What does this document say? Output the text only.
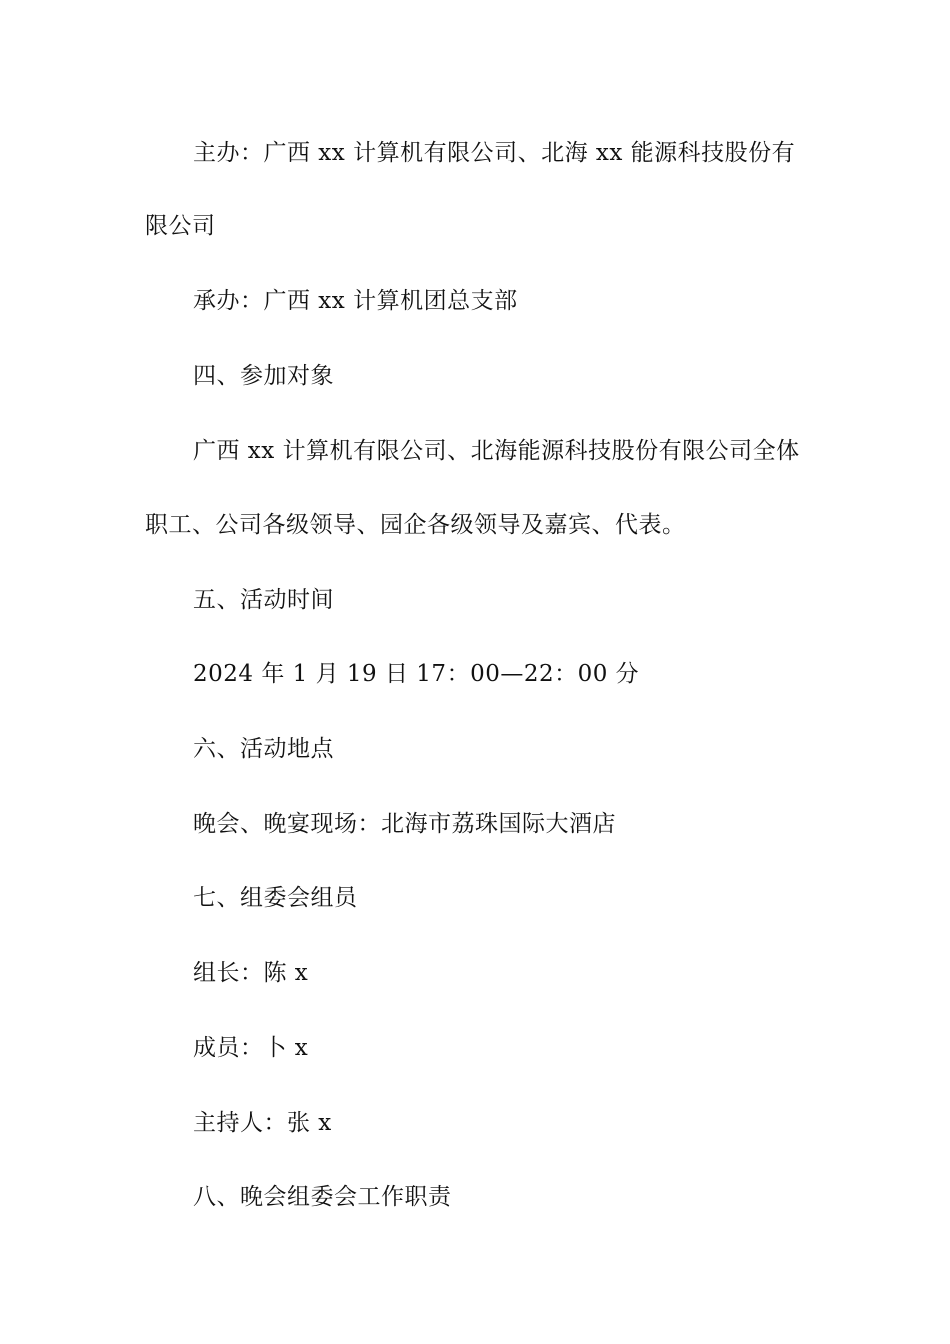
主办：广西 xx 计算机有限公司、北海 xx 能源科技股份有
限公司
承办：广西 xx 计算机团总支部
四、参加对象
广西 xx 计算机有限公司、北海能源科技股份有限公司全体
职工、公司各级领导、园企各级领导及嘉宾、代表。
五、活动时间
2024 年 1 月 19 日 17：00—22：00 分
六、活动地点
晚会、晚宴现场：北海市荔珠国际大酒店
七、组委会组员
组长：陈 x
成员：卜 x
主持人：张 x
八、晚会组委会工作职责
